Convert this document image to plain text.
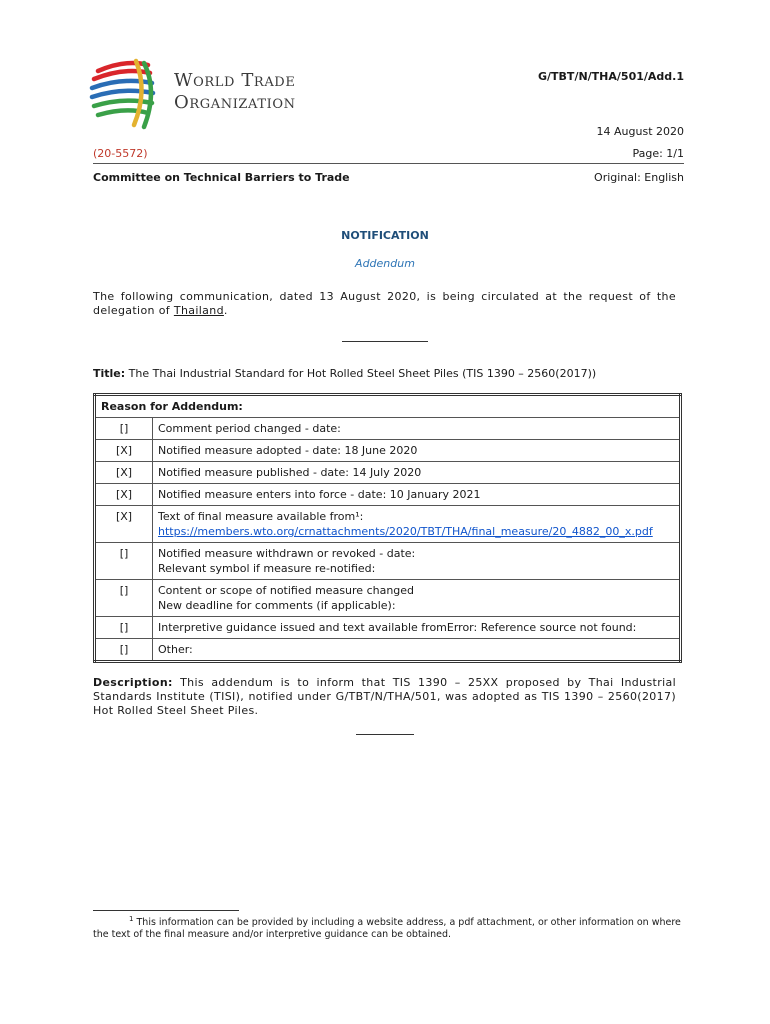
World Trade
Organization
G/TBT/N/THA/501/Add.1
14 August 2020
(20-5572)	Page: 1/1
Committee on Technical Barriers to Trade	Original: English
NOTIFICATION
Addendum
The following communication, dated 13 August 2020, is being circulated at the request of the delegation of Thailand.
Title: The Thai Industrial Standard for Hot Rolled Steel Sheet Piles (TIS 1390 – 2560(2017))
Reason for Addendum:	
[]	Comment period changed - date:
[X]	Notified measure adopted - date: 18 June 2020
[X]	Notified measure published - date: 14 July 2020
[X]	Notified measure enters into force - date: 10 January 2021
[X]	Text of final measure available from¹:
https://members.wto.org/crnattachments/2020/TBT/THA/final_measure/20_4882_00_x.pdf
[]	Notified measure withdrawn or revoked - date:
Relevant symbol if measure re-notified:

[]	Content or scope of notified measure changed
New deadline for comments (if applicable):

[]	Interpretive guidance issued and text available fromError: Reference source not found:
[]	Other:
Description: This addendum is to inform that TIS 1390 – 25XX proposed by Thai Industrial Standards Institute (TISI), notified under G/TBT/N/THA/501, was adopted as TIS 1390 – 2560(2017) Hot Rolled Steel Sheet Piles.
$^1$ This information can be provided by including a website address, a pdf attachment, or other information on where the text of the final measure and/or interpretive guidance can be obtained.
